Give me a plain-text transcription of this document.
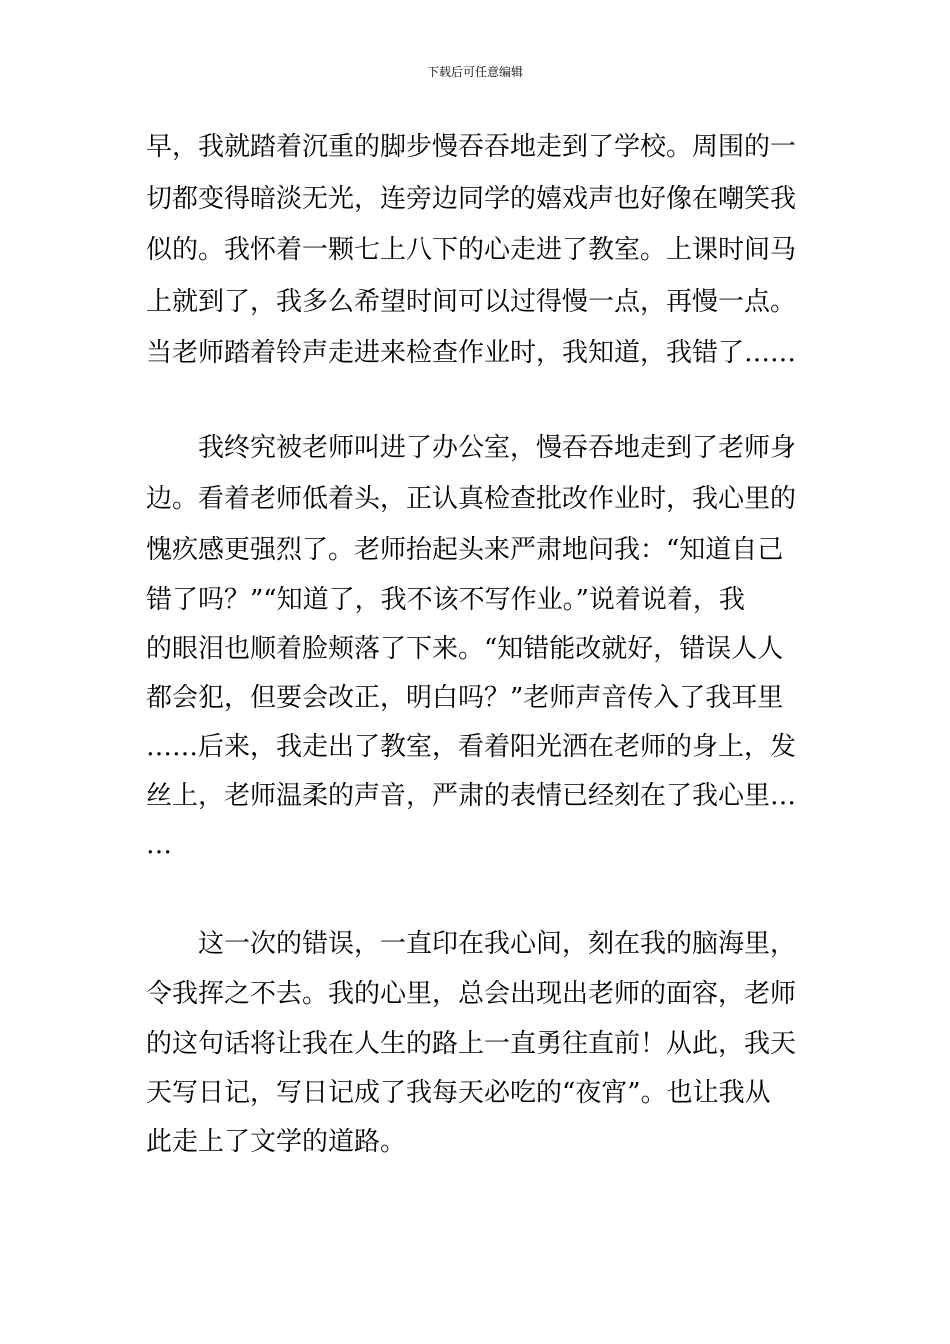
下载后可任意编辑
早，我就踏着沉重的脚步慢吞吞地走到了学校。周围的一
切都变得暗淡无光，连旁边同学的嬉戏声也好像在嘲笑我
似的。我怀着一颗七上八下的心走进了教室。上课时间马
上就到了，我多么希望时间可以过得慢一点，再慢一点。
当老师踏着铃声走进来检查作业时，我知道，我错了……
我终究被老师叫进了办公室，慢吞吞地走到了老师身
边。看着老师低着头，正认真检查批改作业时，我心里的
愧疚感更强烈了。老师抬起头来严肃地问我：“知道自己
错了吗？”“知道了，我不该不写作业。”说着说着，我
的眼泪也顺着脸颊落了下来。“知错能改就好，错误人人
都会犯，但要会改正，明白吗？”老师声音传入了我耳里
……后来，我走出了教室，看着阳光洒在老师的身上，发
丝上，老师温柔的声音，严肃的表情已经刻在了我心里…
…
这一次的错误，一直印在我心间，刻在我的脑海里，
令我挥之不去。我的心里，总会出现出老师的面容，老师
的这句话将让我在人生的路上一直勇往直前！从此，我天
天写日记，写日记成了我每天必吃的“夜宵”。也让我从
此走上了文学的道路。
